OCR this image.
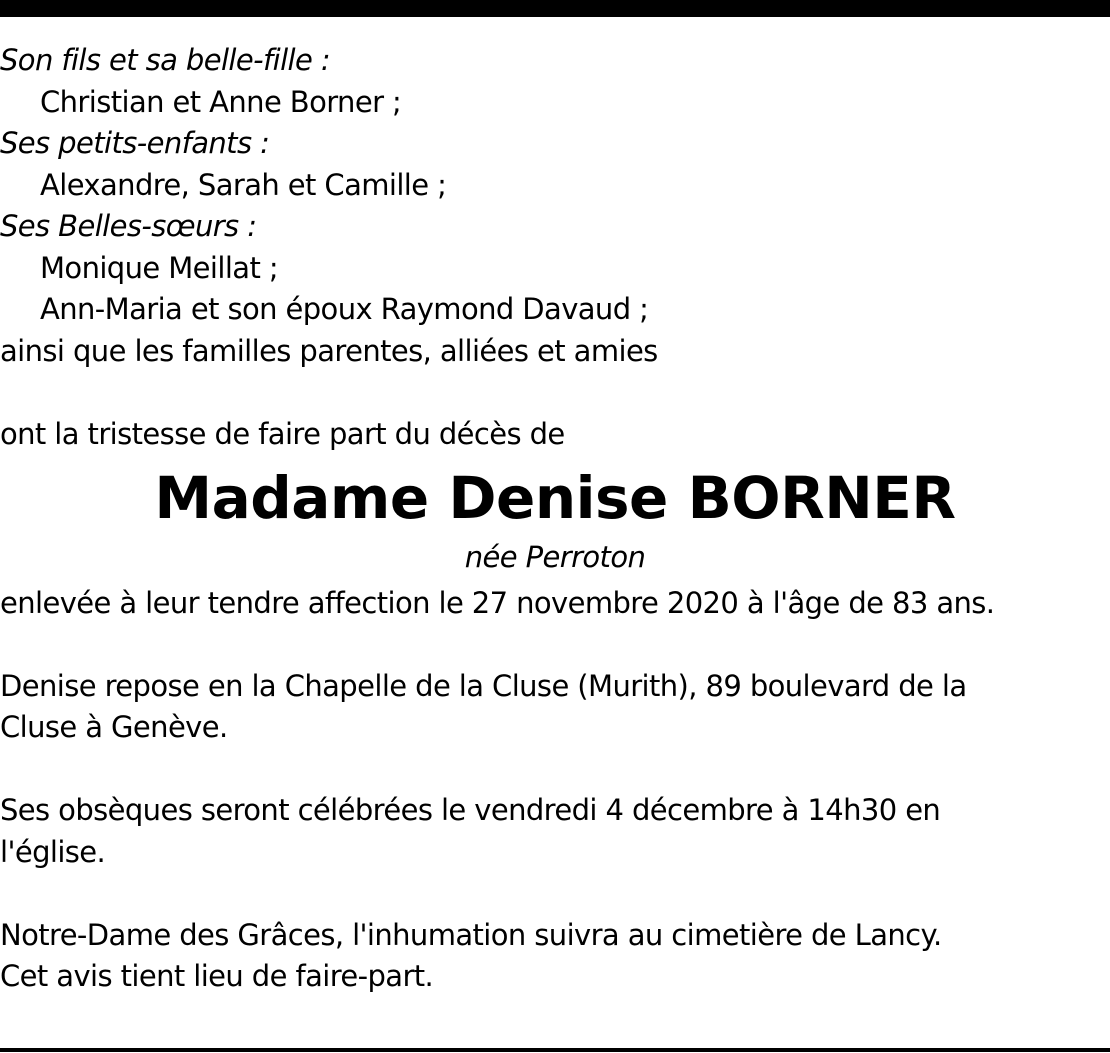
Son fils et sa belle-fille :
Christian et Anne Borner ;
Ses petits-enfants :
Alexandre, Sarah et Camille ;
Ses Belles-sœurs :
Monique Meillat ;
Ann-Maria et son époux Raymond Davaud ;
ainsi que les familles parentes, alliées et amies
ont la tristesse de faire part du décès de
Madame Denise BORNER
née Perroton
enlevée à leur tendre affection le 27 novembre 2020 à l'âge de 83 ans.
Denise repose en la Chapelle de la Cluse (Murith), 89 boulevard de la
Cluse à Genève.
Ses obsèques seront célébrées le vendredi 4 décembre à 14h30 en
l'église.
Notre-Dame des Grâces, l'inhumation suivra au cimetière de Lancy.
Cet avis tient lieu de faire-part.
